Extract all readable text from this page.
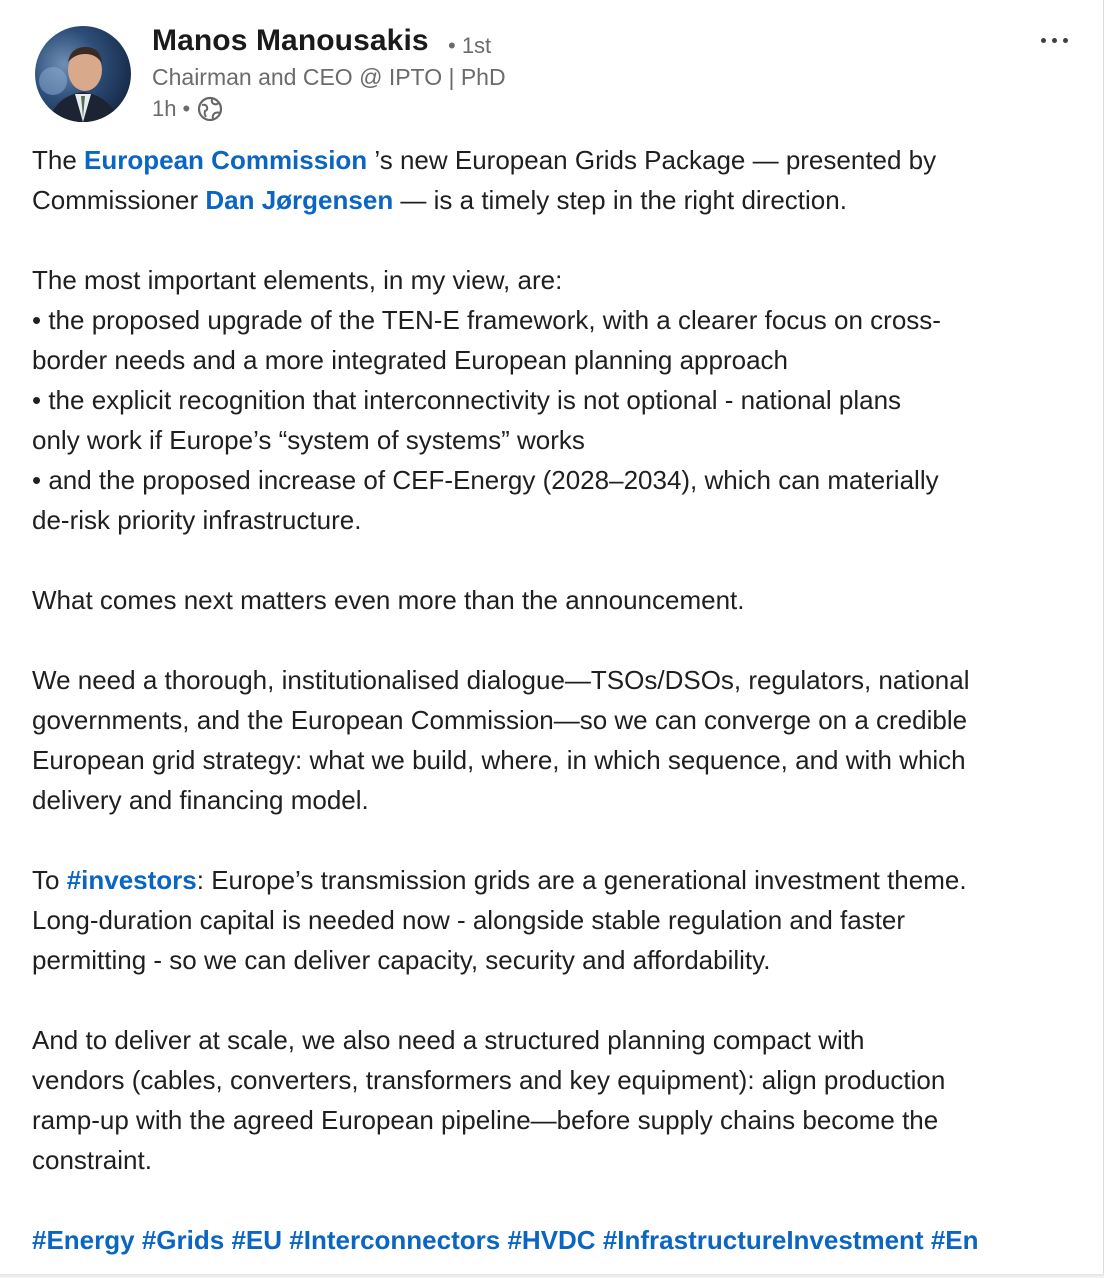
Manos Manousakis • 1st
Chairman and CEO @ IPTO | PhD
1h •
The European Commission ’s new European Grids Package — presented by
Commissioner Dan Jørgensen — is a timely step in the right direction.
The most important elements, in my view, are:
• the proposed upgrade of the TEN-E framework, with a clearer focus on cross-
border needs and a more integrated European planning approach
• the explicit recognition that interconnectivity is not optional - national plans
only work if Europe’s “system of systems” works
• and the proposed increase of CEF-Energy (2028–2034), which can materially
de-risk priority infrastructure.
What comes next matters even more than the announcement.
We need a thorough, institutionalised dialogue—TSOs/DSOs, regulators, national
governments, and the European Commission—so we can converge on a credible
European grid strategy: what we build, where, in which sequence, and with which
delivery and financing model.
To #investors: Europe’s transmission grids are a generational investment theme.
Long-duration capital is needed now - alongside stable regulation and faster
permitting - so we can deliver capacity, security and affordability.
And to deliver at scale, we also need a structured planning compact with
vendors (cables, converters, transformers and key equipment): align production
ramp-up with the agreed European pipeline—before supply chains become the
constraint.
#Energy #Grids #EU #Interconnectors #HVDC #InfrastructureInvestment #En
